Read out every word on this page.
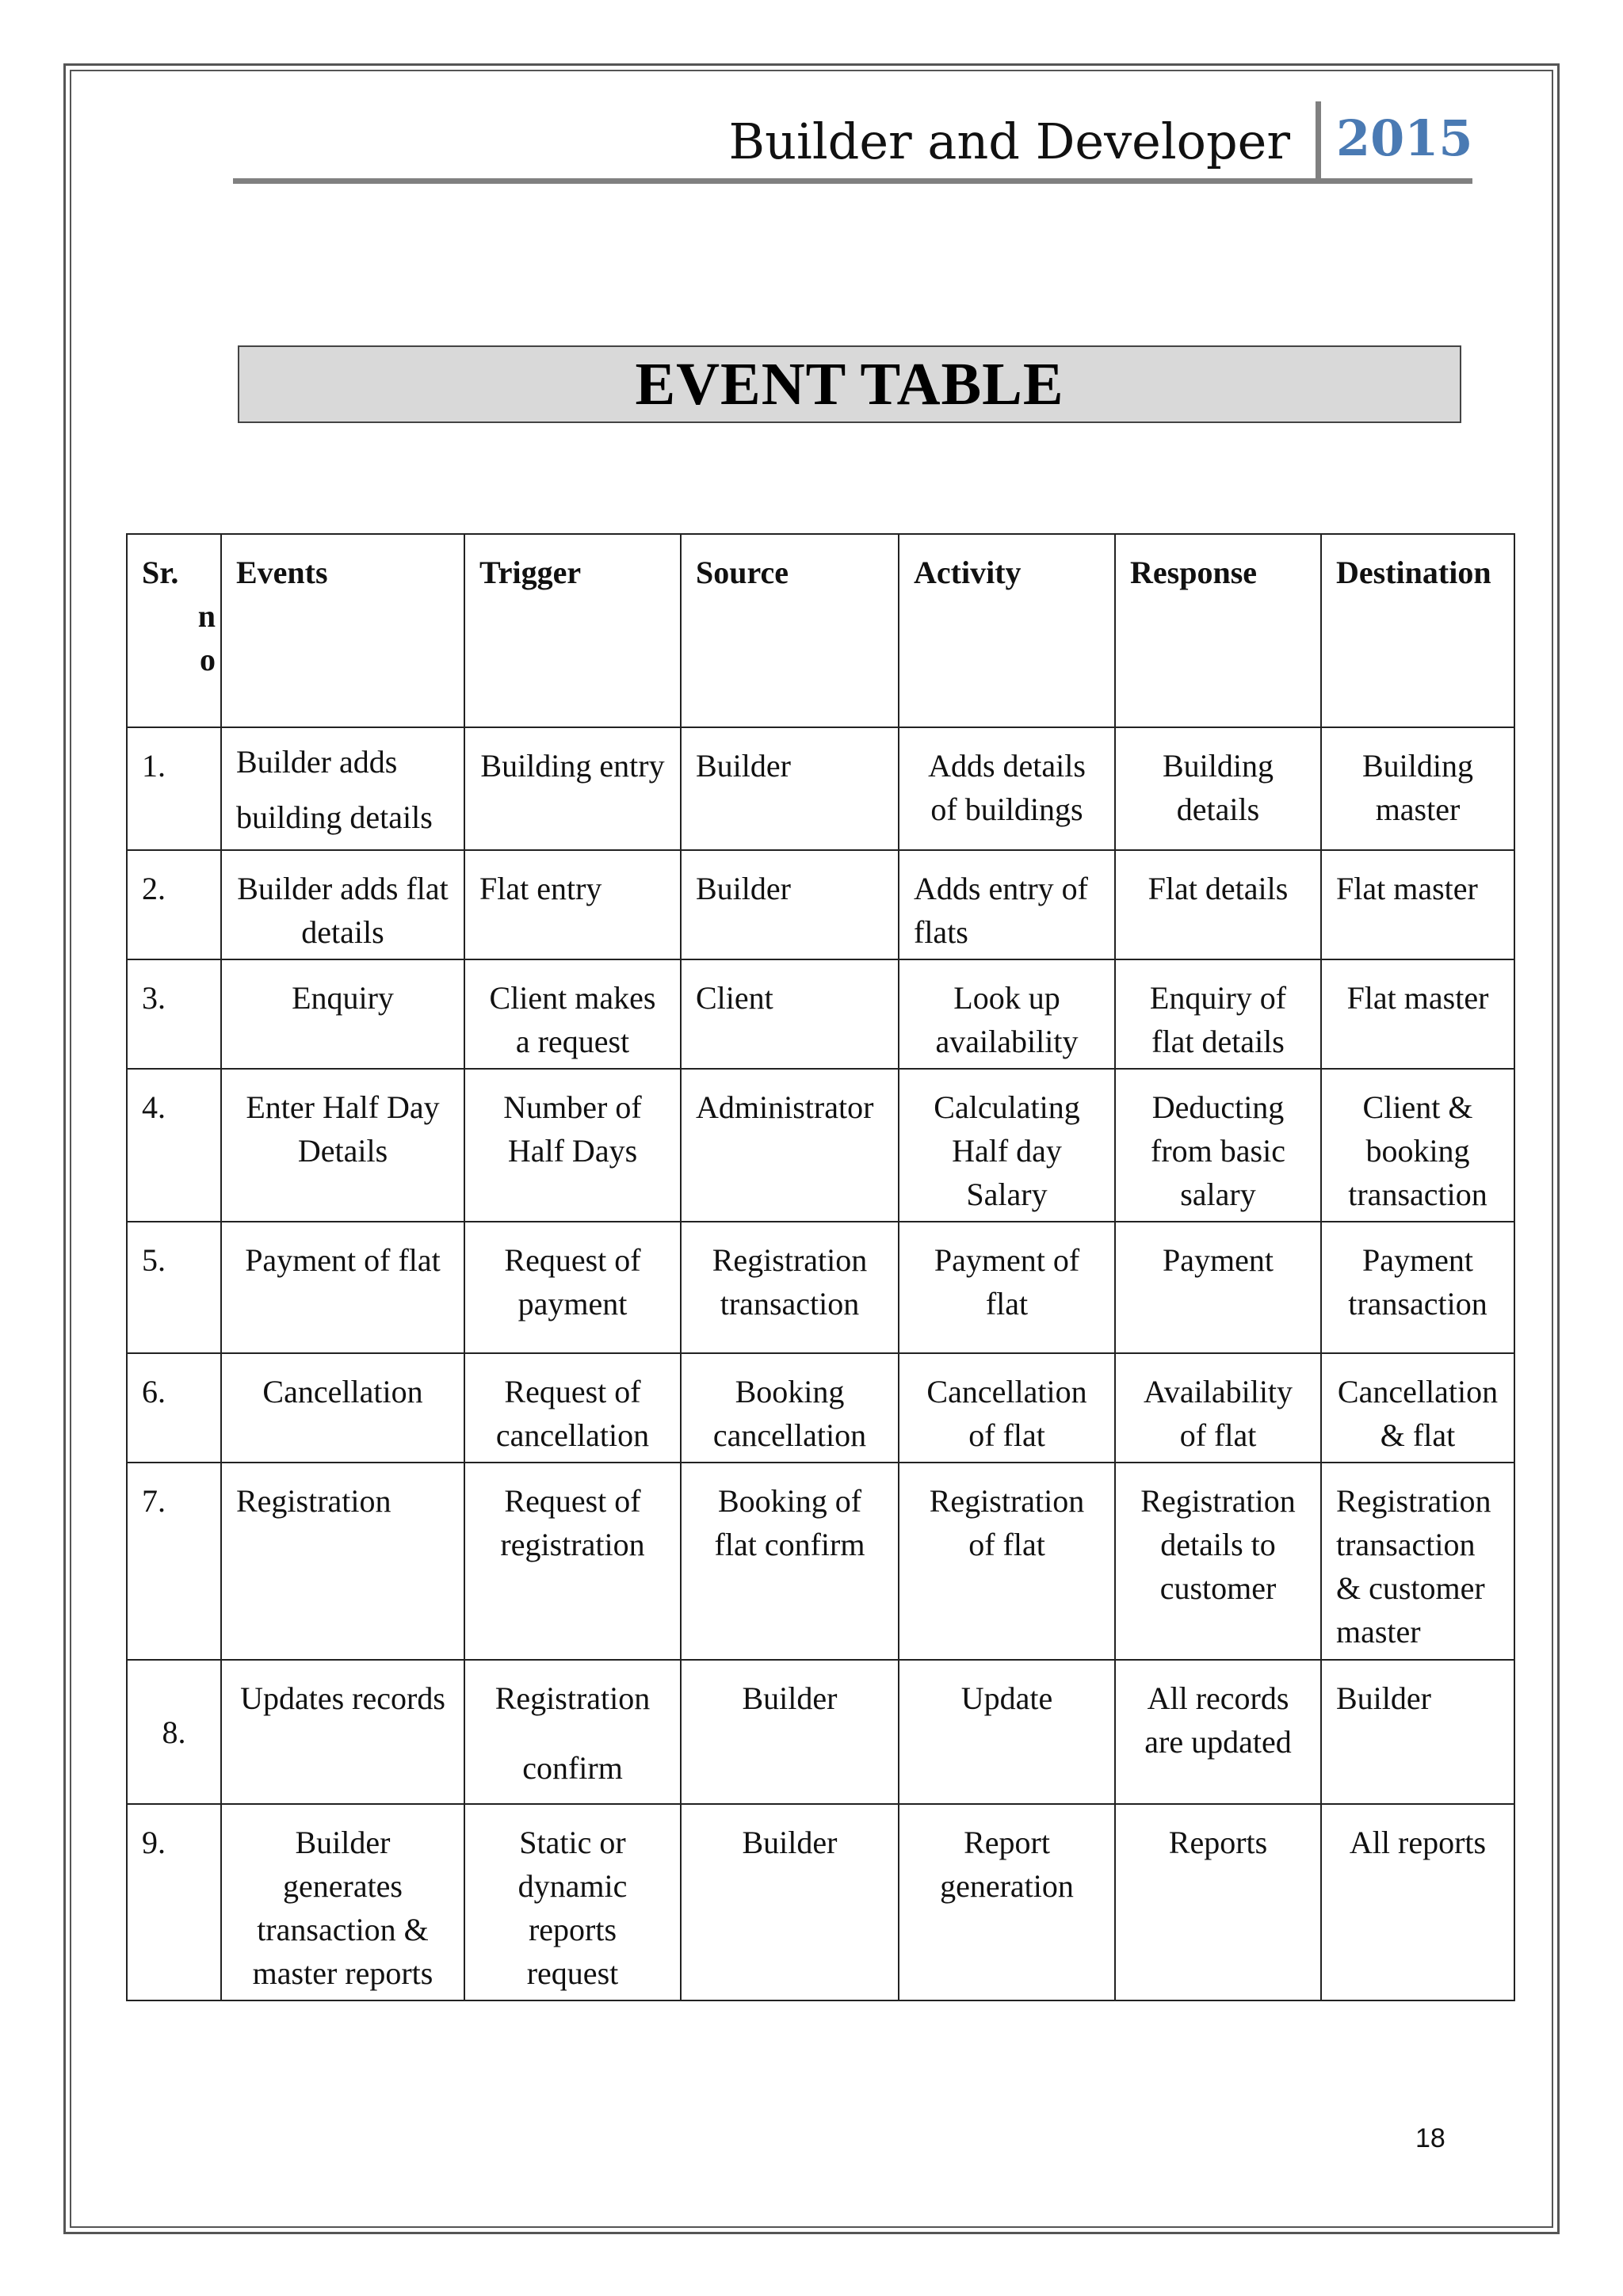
Builder and Developer 2015
EVENT TABLE
Sr.
n
o	Events	Trigger	Source	Activity	Response	Destination
1.	Builder adds building details	Building entry	Builder	Adds details of buildings	Building details	Building master
2.	Builder adds flat details	Flat entry	Builder	Adds entry of flats	Flat details	Flat master
3.	Enquiry	Client makes a request	Client	Look up availability	Enquiry of flat details	Flat master
4.	Enter Half Day Details	Number of Half Days	Administrator	Calculating Half day Salary	Deducting from basic salary	Client & booking transaction
5.	Payment of flat	Request of payment	Registration transaction	Payment of flat	Payment	Payment transaction
6.	Cancellation	Request of cancellation	Booking cancellation	Cancellation of flat	Availability of flat	Cancellation & flat
7.	Registration	Request of registration	Booking of flat confirm	Registration of flat	Registration details to customer	Registration transaction & customer master
8.	Updates records	Registration confirm	Builder	Update	All records are updated	Builder
9.	Builder generates transaction & master reports	Static or dynamic reports request	Builder	Report generation	Reports	All reports
18
